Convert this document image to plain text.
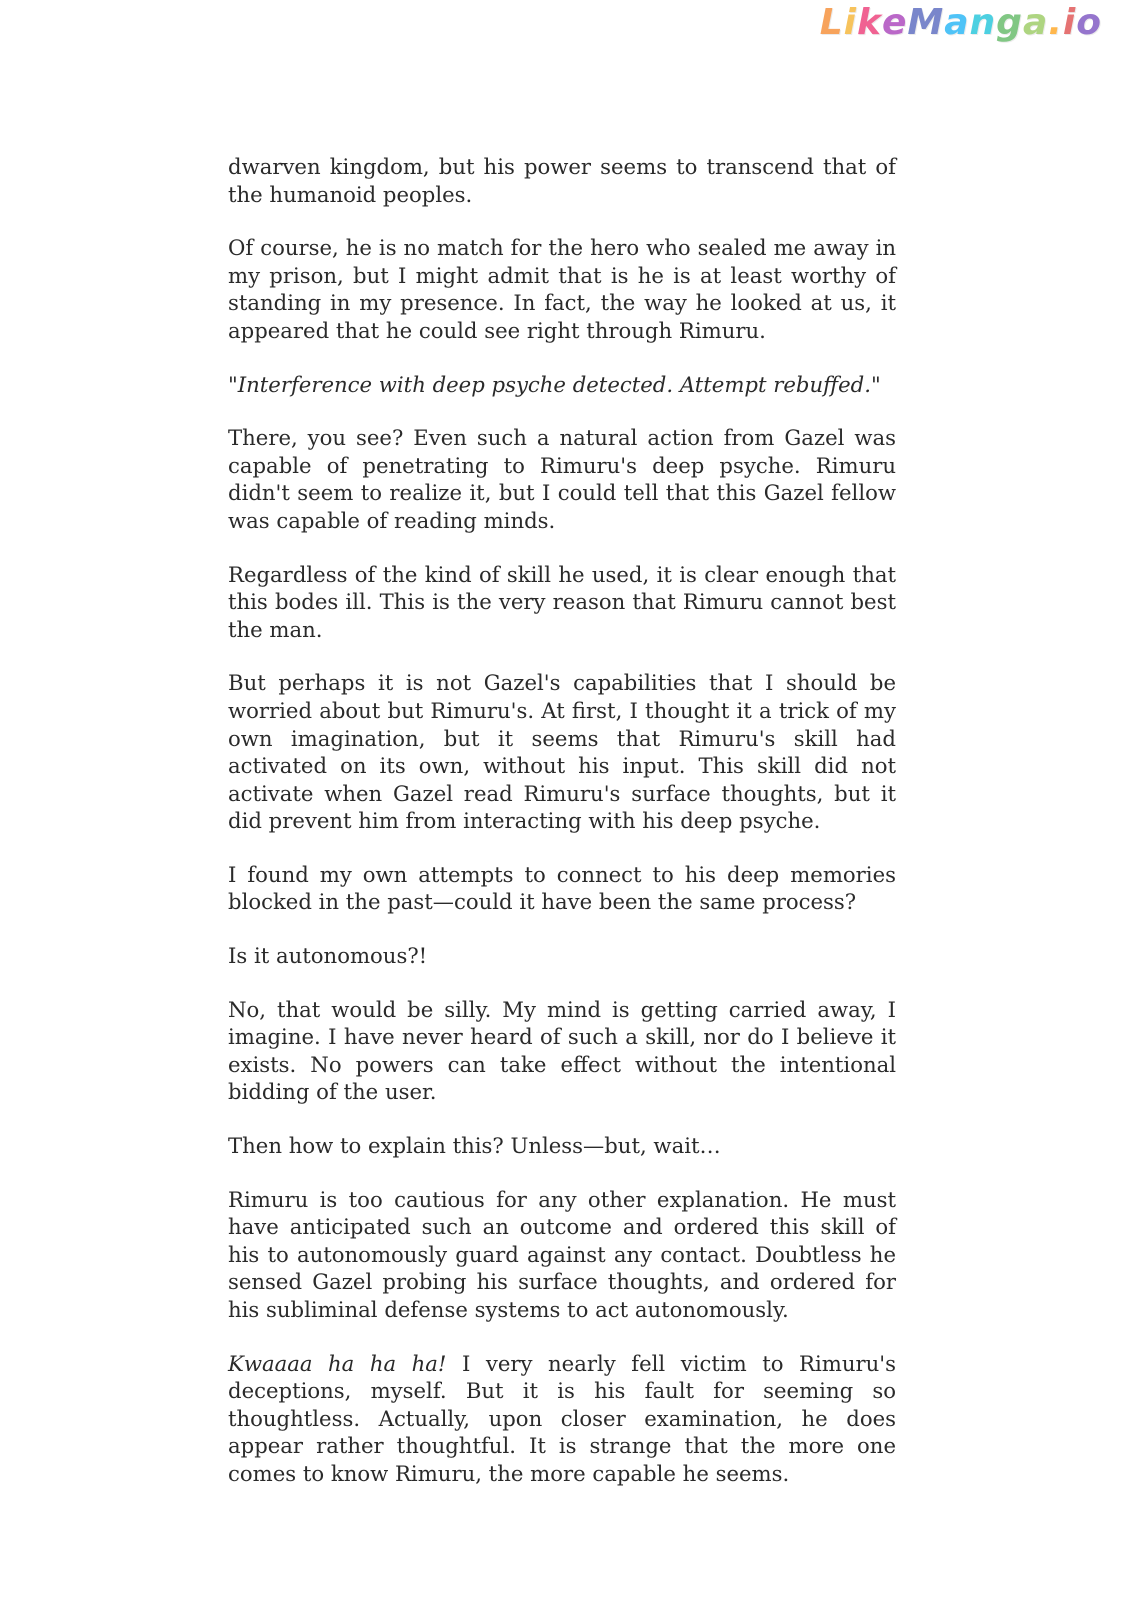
LikeManga.io

dwarven kingdom, but his power seems to transcend that of the humanoid peoples.

Of course, he is no match for the hero who sealed me away in my prison, but I might admit that is he is at least worthy of standing in my presence. In fact, the way he looked at us, it appeared that he could see right through Rimuru.

"Interference with deep psyche detected. Attempt rebuffed."

There, you see? Even such a natural action from Gazel was capable of penetrating to Rimuru's deep psyche. Rimuru didn't seem to realize it, but I could tell that this Gazel fellow was capable of reading minds.

Regardless of the kind of skill he used, it is clear enough that this bodes ill. This is the very reason that Rimuru cannot best the man.

But perhaps it is not Gazel's capabilities that I should be worried about but Rimuru's. At first, I thought it a trick of my own imagination, but it seems that Rimuru's skill had activated on its own, without his input. This skill did not activate when Gazel read Rimuru's surface thoughts, but it did prevent him from interacting with his deep psyche.

I found my own attempts to connect to his deep memories blocked in the past—could it have been the same process?

Is it autonomous?!

No, that would be silly. My mind is getting carried away, I imagine. I have never heard of such a skill, nor do I believe it exists. No powers can take effect without the intentional bidding of the user.

Then how to explain this? Unless—but, wait…

Rimuru is too cautious for any other explanation. He must have anticipated such an outcome and ordered this skill of his to autonomously guard against any contact. Doubtless he sensed Gazel probing his surface thoughts, and ordered for his subliminal defense systems to act autonomously.

Kwaaaa ha ha ha! I very nearly fell victim to Rimuru's deceptions, myself. But it is his fault for seeming so thoughtless. Actually, upon closer examination, he does appear rather thoughtful. It is strange that the more one comes to know Rimuru, the more capable he seems.
